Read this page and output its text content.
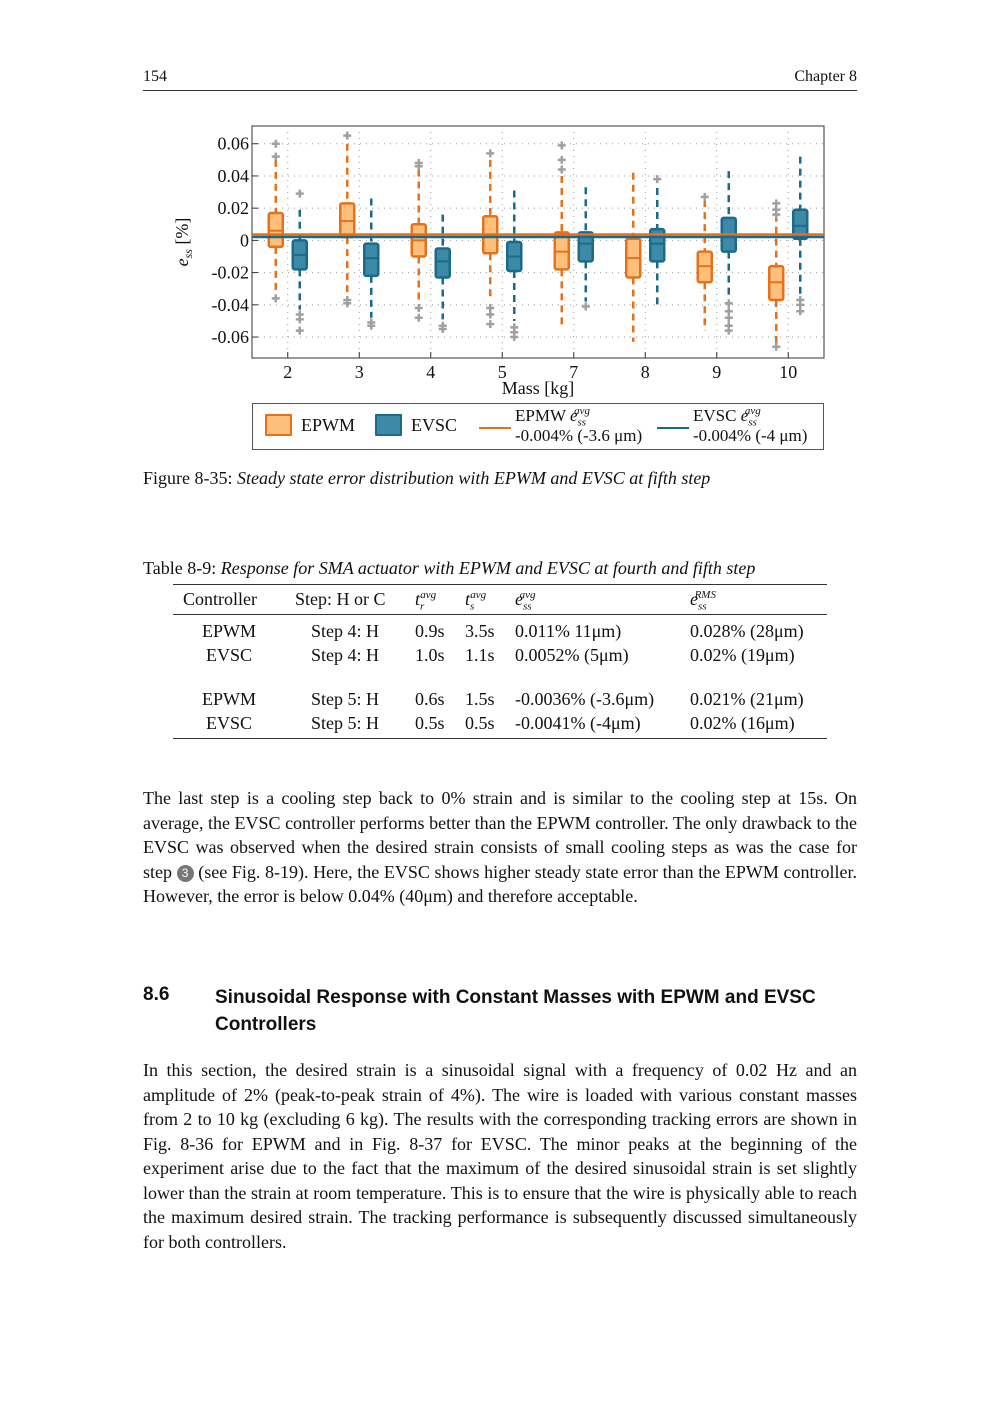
154	Chapter 8
0.06
0.04
0.02
0
-0.02
-0.04
-0.06
2	3	4	5	7	8	9	10
Mass [kg]
$e_{ss}$ [%]
EPWM	EVSC	EPMW $e_{ss}^{avg}$
-0.004% (-3.6 μm)
EVSC $e_{ss}^{avg}$
-0.004% (-4 μm)
Figure 8-35: Steady state error distribution with EPWM and EVSC at fifth step
Table 8-9: Response for SMA actuator with EPWM and EVSC at fourth and fifth step
Controller	Step: H or C	$t_r^{avg}$	$t_s^{avg}$	$e_{ss}^{avg}$	$e_{ss}^{RMS}$

EPWM	Step 4: H	0.9s	3.5s	0.011% 11μm)	0.028% (28μm)
EVSC	Step 4: H	1.0s	1.1s	0.0052% (5μm)	0.02% (19μm)

EPWM	Step 5: H	0.6s	1.5s	-0.0036% (-3.6μm)	0.021% (21μm)
EVSC	Step 5: H	0.5s	0.5s	-0.0041% (-4μm)	0.02% (16μm)

The last step is a cooling step back to 0% strain and is similar to the cooling step at 15s. On average, the EVSC controller performs better than the EPWM controller. The only drawback to the EVSC was observed when the desired strain consists of small cooling steps as was the case for step 3 (see Fig. 8-19). Here, the EVSC shows higher steady state error than the EPWM controller. However, the error is below 0.04% (40μm) and therefore acceptable.
8.6 Sinusoidal Response with Constant Masses with EPWM and EVSC Controllers
In this section, the desired strain is a sinusoidal signal with a frequency of 0.02 Hz and an amplitude of 2% (peak-to-peak strain of 4%). The wire is loaded with various constant masses from 2 to 10 kg (excluding 6 kg). The results with the corresponding tracking errors are shown in Fig. 8-36 for EPWM and in Fig. 8-37 for EVSC. The minor peaks at the beginning of the experiment arise due to the fact that the maximum of the desired sinusoidal strain is set slightly lower than the strain at room temperature. This is to ensure that the wire is physically able to reach the maximum desired strain. The tracking performance is subsequently discussed simultaneously for both controllers.
